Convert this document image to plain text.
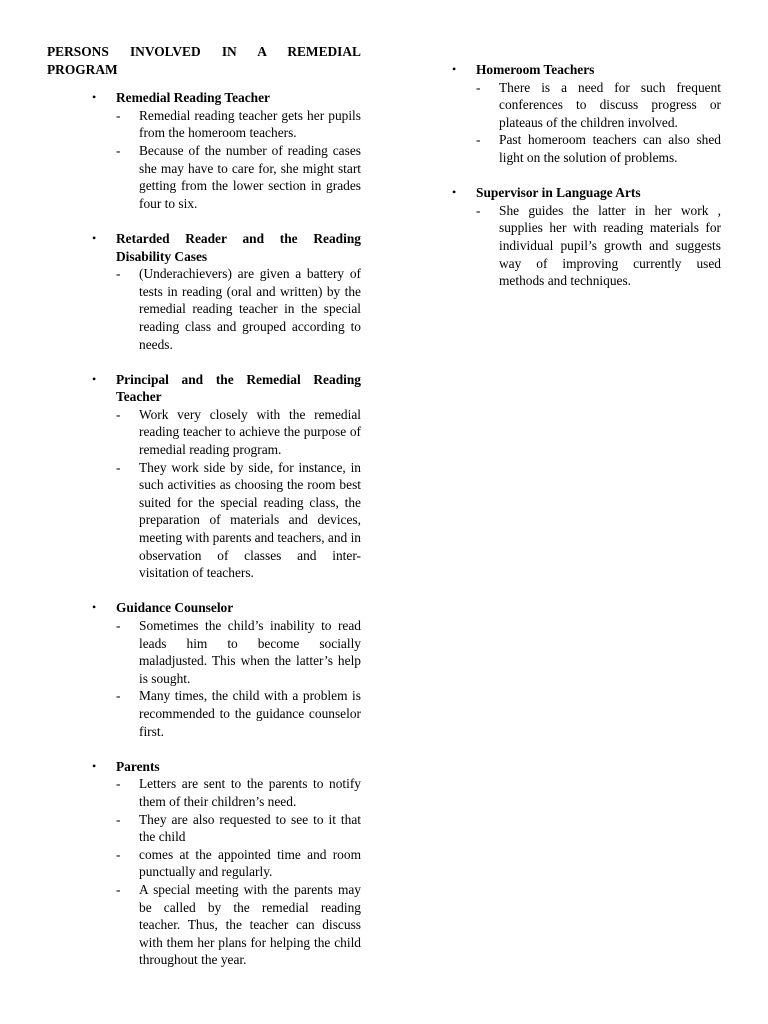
PERSONS INVOLVED IN A REMEDIAL PROGRAM
• Remedial Reading Teacher
- Remedial reading teacher gets her pupils from the homeroom teachers.
- Because of the number of reading cases she may have to care for, she might start getting from the lower section in grades four to six.
• Retarded Reader and the Reading Disability Cases
- (Underachievers) are given a battery of tests in reading (oral and written) by the remedial reading teacher in the special reading class and grouped according to needs.
• Principal and the Remedial Reading Teacher
- Work very closely with the remedial reading teacher to achieve the purpose of remedial reading program.
- They work side by side, for instance, in such activities as choosing the room best suited for the special reading class, the preparation of materials and devices, meeting with parents and teachers, and in observation of classes and inter-visitation of teachers.
• Guidance Counselor
- Sometimes the child’s inability to read leads him to become socially maladjusted. This when the latter’s help is sought.
- Many times, the child with a problem is recommended to the guidance counselor first.
• Parents
- Letters are sent to the parents to notify them of their children’s need.
- They are also requested to see to it that the child
- comes at the appointed time and room punctually and regularly.
- A special meeting with the parents may be called by the remedial reading teacher. Thus, the teacher can discuss with them her plans for helping the child throughout the year.
• Homeroom Teachers
- There is a need for such frequent conferences to discuss progress or plateaus of the children involved.
- Past homeroom teachers can also shed light on the solution of problems.
• Supervisor in Language Arts
- She guides the latter in her work , supplies her with reading materials for individual pupil’s growth and suggests way of improving currently used methods and techniques.
